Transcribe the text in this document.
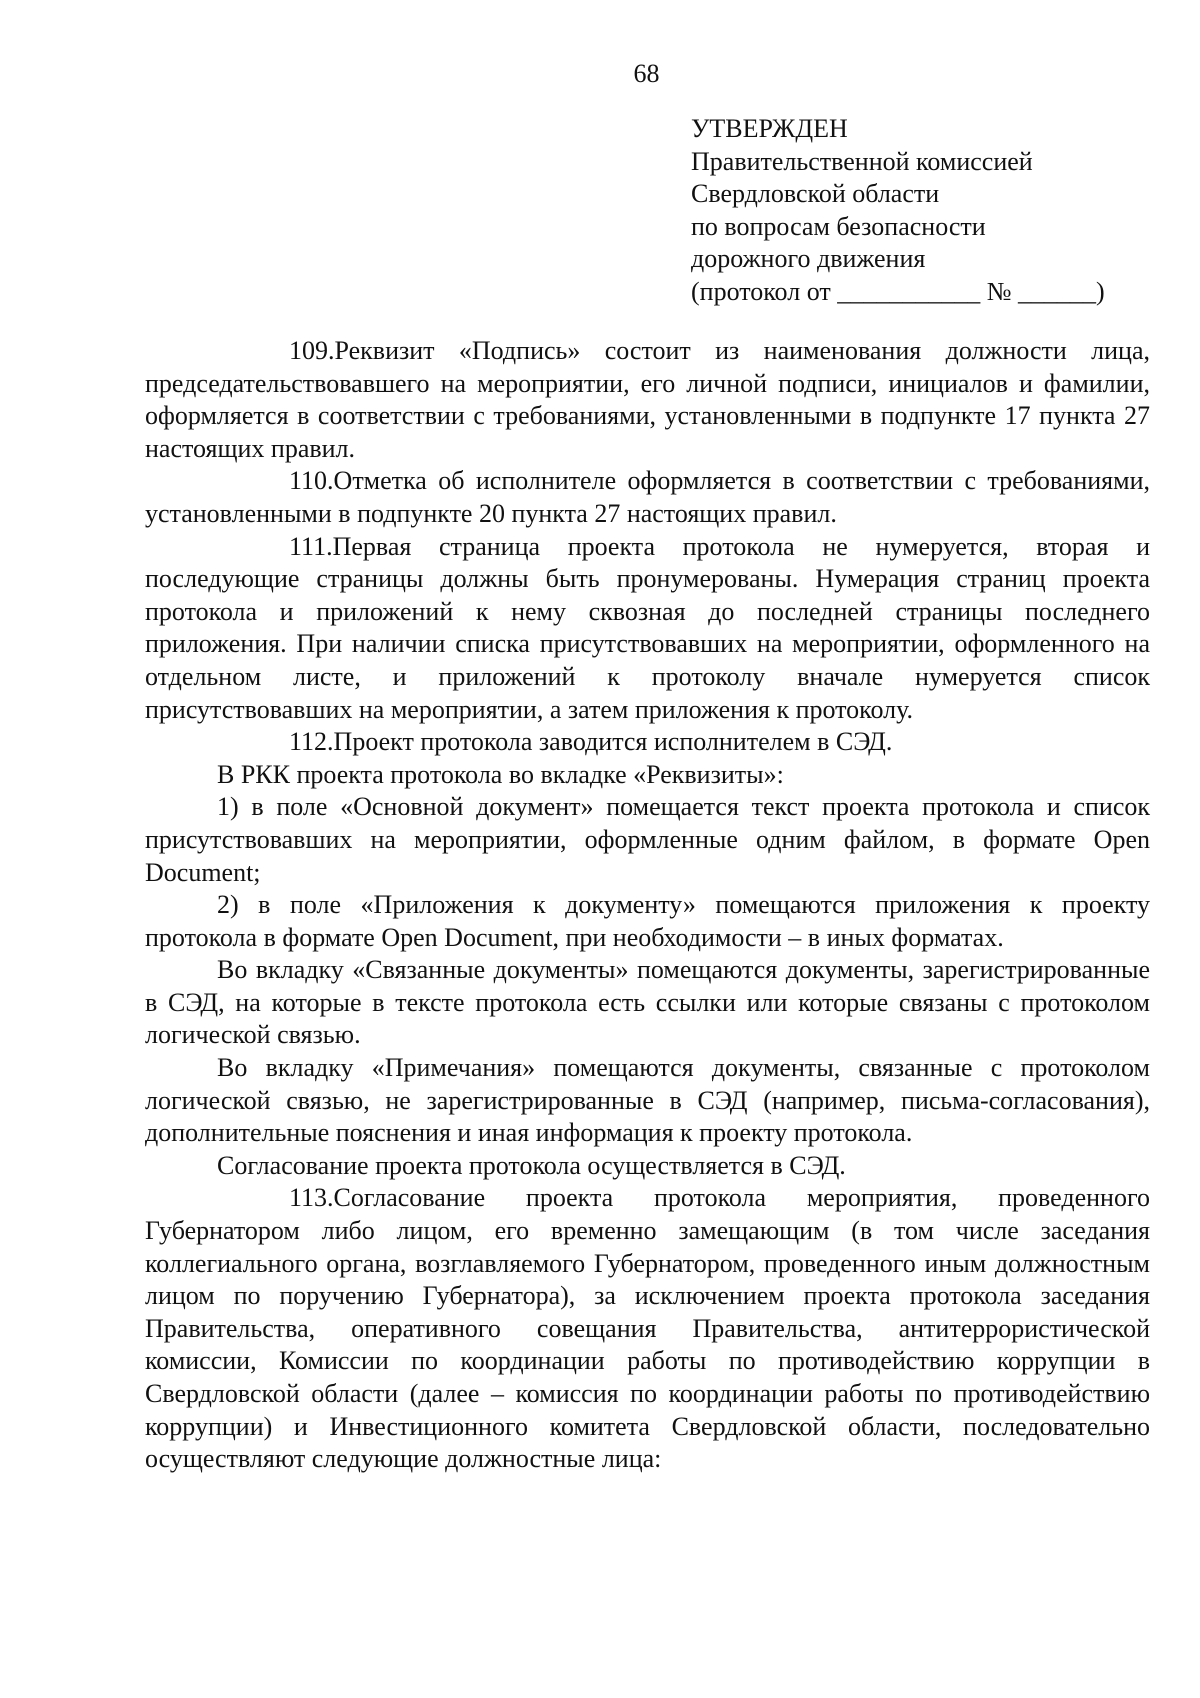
68
УТВЕРЖДЕН
Правительственной комиссией
Свердловской области
по вопросам безопасности
дорожного движения
(протокол от ___________ № ______)

109.Реквизит «Подпись» состоит из наименования должности лица, председательствовавшего на мероприятии, его личной подписи, инициалов и фамилии, оформляется в соответствии с требованиями, установленными в подпункте 17 пункта 27 настоящих правил.

110.Отметка об исполнителе оформляется в соответствии с требованиями, установленными в подпункте 20 пункта 27 настоящих правил.

111.Первая страница проекта протокола не нумеруется, вторая и последующие страницы должны быть пронумерованы. Нумерация страниц проекта протокола и приложений к нему сквозная до последней страницы последнего приложения. При наличии списка присутствовавших на мероприятии, оформленного на отдельном листе, и приложений к протоколу вначале нумеруется список присутствовавших на мероприятии, а затем приложения к протоколу.

112.Проект протокола заводится исполнителем в СЭД.

В РКК проекта протокола во вкладке «Реквизиты»:

1) в поле «Основной документ» помещается текст проекта протокола и список присутствовавших на мероприятии, оформленные одним файлом, в формате Open Document;

2) в поле «Приложения к документу» помещаются приложения к проекту протокола в формате Open Document, при необходимости – в иных форматах.

Во вкладку «Связанные документы» помещаются документы, зарегистрированные в СЭД, на которые в тексте протокола есть ссылки или которые связаны с протоколом логической связью.

Во вкладку «Примечания» помещаются документы, связанные с протоколом логической связью, не зарегистрированные в СЭД (например, письма-согласования), дополнительные пояснения и иная информация к проекту протокола.

Согласование проекта протокола осуществляется в СЭД.

113.Согласование проекта протокола мероприятия, проведенного Губернатором либо лицом, его временно замещающим (в том числе заседания коллегиального органа, возглавляемого Губернатором, проведенного иным должностным лицом по поручению Губернатора), за исключением проекта протокола заседания Правительства, оперативного совещания Правительства, антитеррористической комиссии, Комиссии по координации работы по противодействию коррупции в Свердловской области (далее – комиссия по координации работы по противодействию коррупции) и Инвестиционного комитета Свердловской области, последовательно осуществляют следующие должностные лица:
